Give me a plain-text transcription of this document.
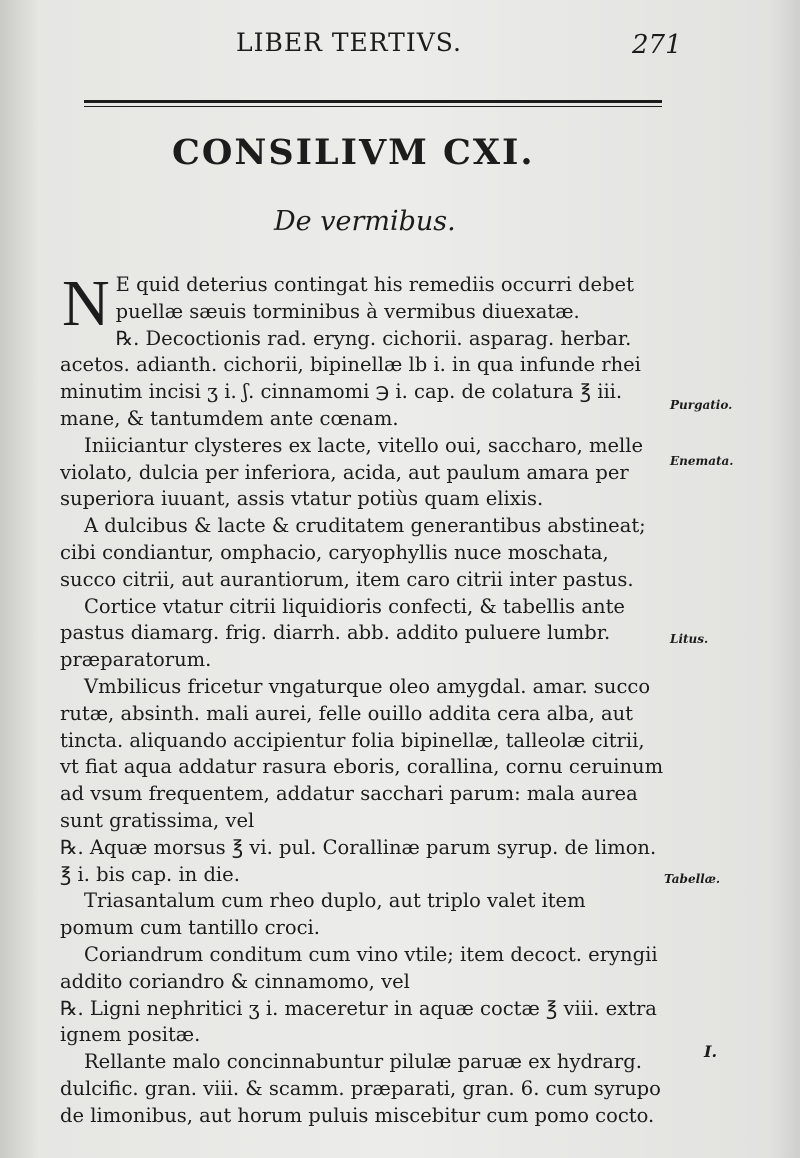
LIBER TERTIVS.	271
CONSILIVM CXI.
De vermibus.

N E quid deterius contingat his remediis occurri debet puellæ sæuis torminibus à vermibus diuexatæ.

℞. Decoctionis rad. eryng. cichorii. asparag. herbar. acetos. adianth. cichorii, bipinellæ lb i. in qua infunde rhei minutim incisi ʒ i. ʃ. cinnamomi ℈ i. cap. de colatura ℥ iii. mane, & tantumdem ante cœnam.

Iniiciantur clysteres ex lacte, vitello oui, saccharo, melle violato, dulcia per inferiora, acida, aut paulum amara per superiora iuuant, assis vtatur potiùs quam elixis.

A dulcibus & lacte & cruditatem generantibus abstineat; cibi condiantur, omphacio, caryophyllis nuce moschata, succo citrii, aut aurantiorum, item caro citrii inter pastus.

Cortice vtatur citrii liquidioris confecti, & tabellis ante pastus diamarg. frig. diarrh. abb. addito puluere lumbr. præparatorum.

Vmbilicus fricetur vngaturque oleo amygdal. amar. succo rutæ, absinth. mali aurei, felle ouillo addita cera alba, aut tincta. aliquando accipientur folia bipinellæ, talleolæ citrii, vt fiat aqua addatur rasura eboris, corallina, cornu ceruinum ad vsum frequentem, addatur sacchari parum: mala aurea sunt gratissima, vel

℞. Aquæ morsus ℥ vi. pul. Corallinæ parum syrup. de limon. ℥ i. bis cap. in die.

Triasantalum cum rheo duplo, aut triplo valet item pomum cum tantillo croci.

Coriandrum conditum cum vino vtile; item decoct. eryngii addito coriandro & cinnamomo, vel

℞. Ligni nephritici ʒ i. maceretur in aquæ coctæ ℥ viii. extra ignem positæ.

Rellante malo concinnabuntur pilulæ paruæ ex hydrarg. dulcific. gran. viii. & scamm. præparati, gran. 6. cum syrupo de limonibus, aut horum puluis miscebitur cum pomo cocto.

Purgatio.
Enemata.
Litus.
Tabellæ.
I.
